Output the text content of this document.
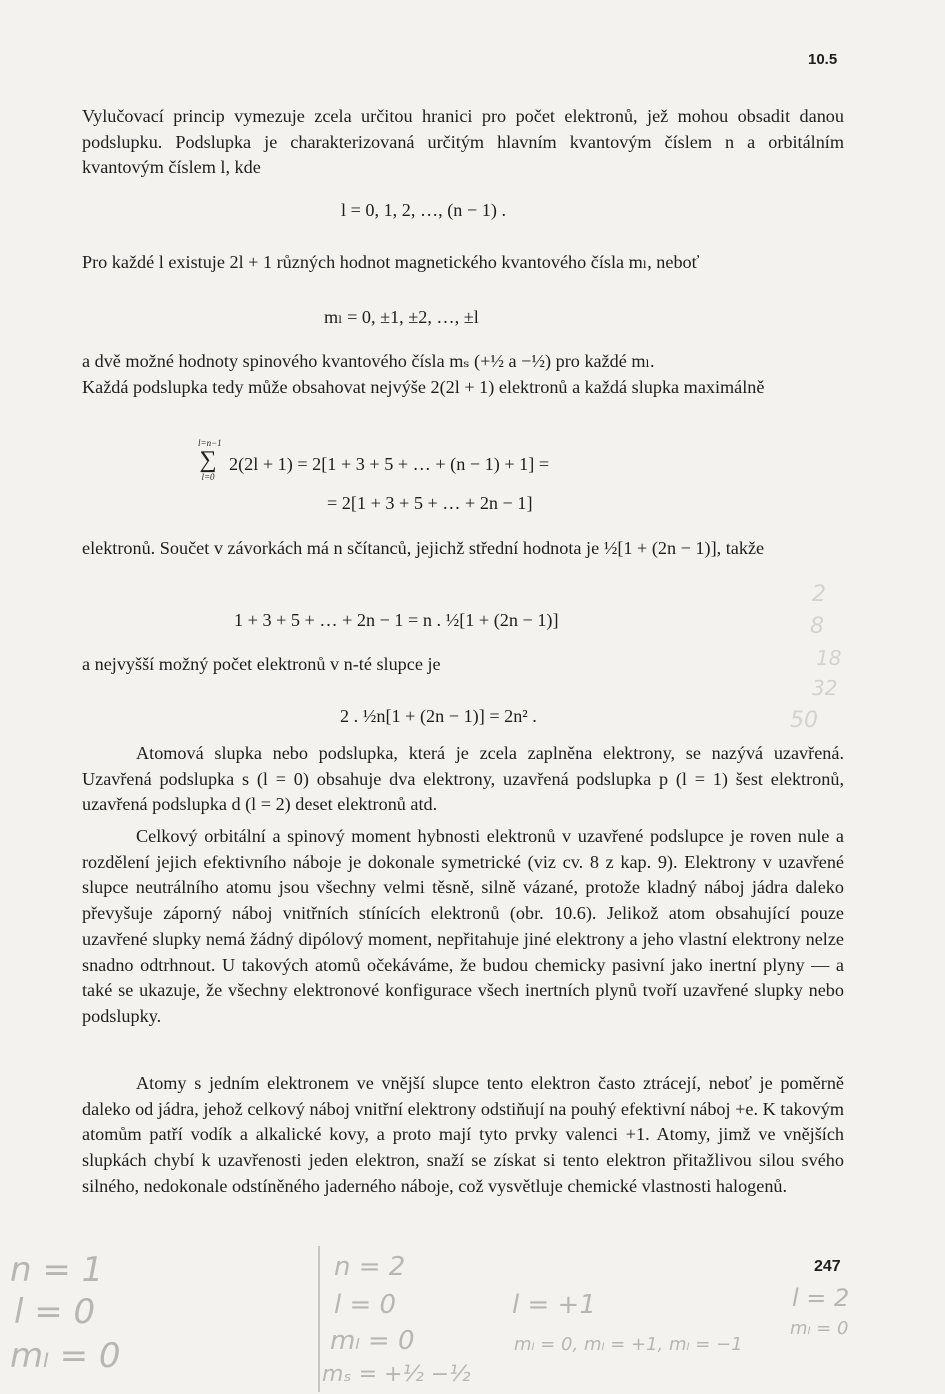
10.5

Vylučovací princip vymezuje zcela určitou hranici pro počet elektronů, jež mohou obsadit danou podslupku. Podslupka je charakterizovaná určitým hlavním kvantovým číslem n a orbitálním kvantovým číslem l, kde

l = 0, 1, 2, …, (n − 1) .

Pro každé l existuje 2l + 1 různých hodnot magnetického kvantového čísla mₗ, neboť

mₗ = 0, ±1, ±2, …, ±l

a dvě možné hodnoty spinového kvantového čísla mₛ (+½ a −½) pro každé mₗ.

Každá podslupka tedy může obsahovat nejvýše 2(2l + 1) elektronů a každá slupka maximálně

l=n−1
∑
l=0
2(2l + 1) = 2[1 + 3 + 5 + … + (n − 1) + 1] =
= 2[1 + 3 + 5 + … + 2n − 1]

elektronů. Součet v závorkách má n sčítanců, jejichž střední hodnota je ½[1 + (2n − 1)], takže

1 + 3 + 5 + … + 2n − 1 = n . ½[1 + (2n − 1)]

a nejvyšší možný počet elektronů v n-té slupce je

2 . ½n[1 + (2n − 1)] = 2n² .

Atomová slupka nebo podslupka, která je zcela zaplněna elektrony, se nazývá uzavřená. Uzavřená podslupka s (l = 0) obsahuje dva elektrony, uzavřená podslupka p (l = 1) šest elektronů, uzavřená podslupka d (l = 2) deset elektronů atd.

Celkový orbitální a spinový moment hybnosti elektronů v uzavřené podslupce je roven nule a rozdělení jejich efektivního náboje je dokonale symetrické (viz cv. 8 z kap. 9). Elektrony v uzavřené slupce neutrálního atomu jsou všechny velmi těsně, silně vázané, protože kladný náboj jádra daleko převyšuje záporný náboj vnitřních stínících elektronů (obr. 10.6). Jelikož atom obsahující pouze uzavřené slupky nemá žádný dipólový moment, nepřitahuje jiné elektrony a jeho vlastní elektrony nelze snadno odtrhnout. U takových atomů očekáváme, že budou chemicky pasivní jako inertní plyny — a také se ukazuje, že všechny elektronové konfigurace všech inertních plynů tvoří uzavřené slupky nebo podslupky.

Atomy s jedním elektronem ve vnější slupce tento elektron často ztrácejí, neboť je poměrně daleko od jádra, jehož celkový náboj vnitřní elektrony odstiňují na pouhý efektivní náboj +e. K takovým atomům patří vodík a alkalické kovy, a proto mají tyto prvky valenci +1. Atomy, jimž ve vnějších slupkách chybí k uzavřenosti jeden elektron, snaží se získat si tento elektron přitažlivou silou svého silného, nedokonale odstíněného jaderného náboje, což vysvětluje chemické vlastnosti halogenů.

247
n = 1
l = 0
mₗ = 0
n = 2
l = 0
mₗ = 0
mₛ = +½ −½
l = +1
mₗ = 0, mₗ = +1, mₗ = −1
l = 2
mₗ = 0
2
8
18
32
50
